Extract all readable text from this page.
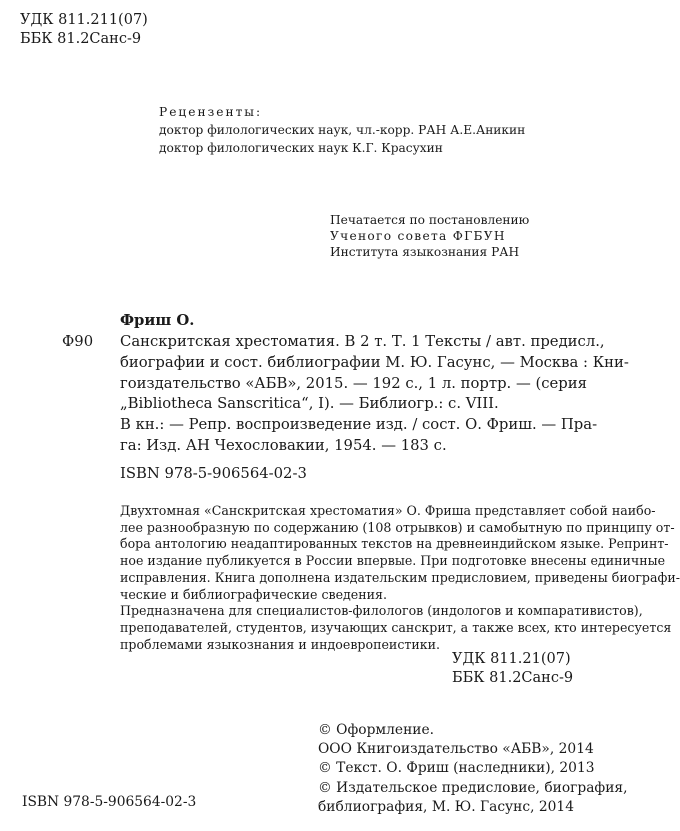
УДК 811.211(07)
ББК 81.2Санс-9
Рецензенты:
доктор филологических наук, чл.-корр. РАН А.Е.Аникин
доктор филологических наук К.Г. Красухин
Печатается по постановлению
Ученого совета ФГБУН
Института языкознания РАН
Фриш О.
Ф90 Санскритская хрестоматия. В 2 т. Т. 1 Тексты / авт. предисл.,
биографии и сост. библиографии М. Ю. Гасунс, — Москва : Кни-
гоиздательство «АБВ», 2015. — 192 с., 1 л. портр. — (серия
„Bibliotheca Sanscritica“, I). — Библиогр.: с. VIII.
В кн.: — Репр. воспроизведение изд. / сост. О. Фриш. — Пра-
га: Изд. АН Чехословакии, 1954. — 183 с.
ISBN 978-5-906564-02-3
Двухтомная «Санскритская хрестоматия» О. Фриша представляет собой наибо-
лее разнообразную по содержанию (108 отрывков) и самобытную по принципу от-
бора антологию неадаптированных текстов на древнеиндийском языке. Репринт-
ное издание публикуется в России впервые. При подготовке внесены единичные
исправления. Книга дополнена издательским предисловием, приведены биографи-
ческие и библиографические сведения.
Предназначена для специалистов-филологов (индологов и компаративистов),
преподавателей, студентов, изучающих санскрит, а также всех, кто интересуется
проблемами языкознания и индоевропеистики.
УДК 811.21(07)
ББК 81.2Санс-9
© Оформление.
ООО Книгоиздательство «АБВ», 2014
© Текст. О. Фриш (наследники), 2013
© Издательское предисловие, биография,
библиография, М. Ю. Гасунс, 2014
ISBN 978-5-906564-02-3
